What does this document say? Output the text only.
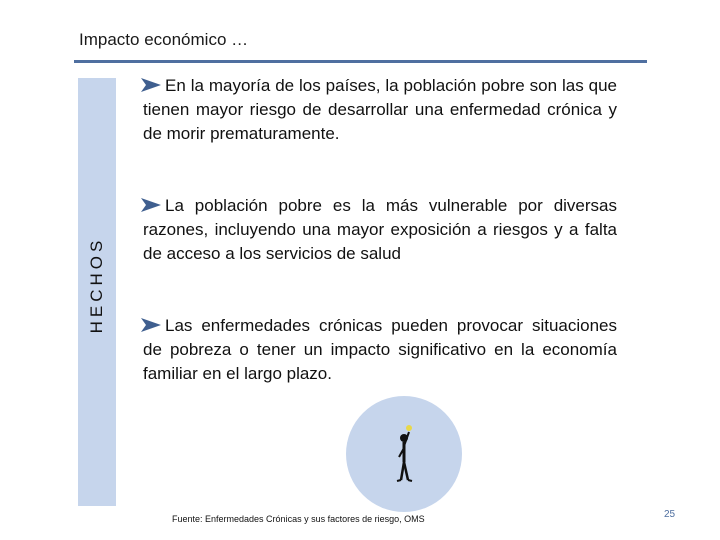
Impacto económico …
HECHOS
En la mayoría de los países, la población pobre son las que tienen mayor riesgo de desarrollar una enfermedad crónica y de morir prematuramente.
La población pobre es la más vulnerable por diversas razones, incluyendo una mayor exposición a riesgos y a falta de acceso a los servicios de salud
Las enfermedades crónicas pueden provocar situaciones de pobreza o tener un impacto significativo en la economía familiar en el largo plazo.
Fuente: Enfermedades Crónicas y sus factores de riesgo, OMS	25
